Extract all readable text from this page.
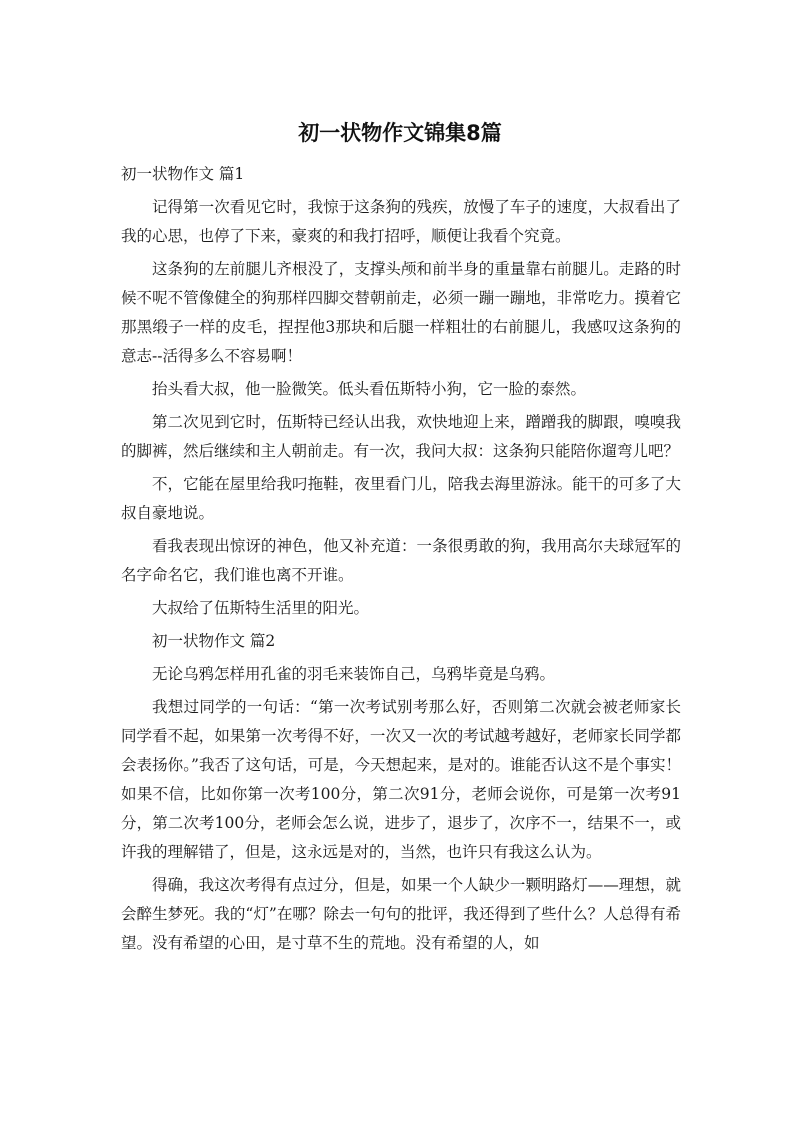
初一状物作文锦集8篇

初一状物作文 篇1

记得第一次看见它时，我惊于这条狗的残疾，放慢了车子的速度，大叔看出了我的心思，也停了下来，豪爽的和我打招呼，顺便让我看个究竟。

这条狗的左前腿儿齐根没了，支撑头颅和前半身的重量靠右前腿儿。走路的时候不呢不管像健全的狗那样四脚交替朝前走，必须一蹦一蹦地，非常吃力。摸着它那黑缎子一样的皮毛，捏捏他3那块和后腿一样粗壮的右前腿儿，我感叹这条狗的意志--活得多么不容易啊！

抬头看大叔，他一脸微笑。低头看伍斯特小狗，它一脸的泰然。

第二次见到它时，伍斯特已经认出我，欢快地迎上来，蹭蹭我的脚跟，嗅嗅我的脚裤，然后继续和主人朝前走。有一次，我问大叔：这条狗只能陪你遛弯儿吧？

不，它能在屋里给我叼拖鞋，夜里看门儿，陪我去海里游泳。能干的可多了大叔自豪地说。

看我表现出惊讶的神色，他又补充道：一条很勇敢的狗，我用高尔夫球冠军的名字命名它，我们谁也离不开谁。

大叔给了伍斯特生活里的阳光。

初一状物作文 篇2

无论乌鸦怎样用孔雀的羽毛来装饰自己，乌鸦毕竟是乌鸦。

我想过同学的一句话：“第一次考试别考那么好，否则第二次就会被老师家长同学看不起，如果第一次考得不好，一次又一次的考试越考越好，老师家长同学都会表扬你。”我否了这句话，可是，今天想起来，是对的。谁能否认这不是个事实！如果不信，比如你第一次考100分，第二次91分，老师会说你，可是第一次考91分，第二次考100分，老师会怎么说，进步了，退步了，次序不一，结果不一，或许我的理解错了，但是，这永远是对的，当然，也许只有我这么认为。

得确，我这次考得有点过分，但是，如果一个人缺少一颗明路灯——理想，就会醉生梦死。我的“灯”在哪？除去一句句的批评，我还得到了些什么？人总得有希望。没有希望的心田，是寸草不生的荒地。没有希望的人，如
